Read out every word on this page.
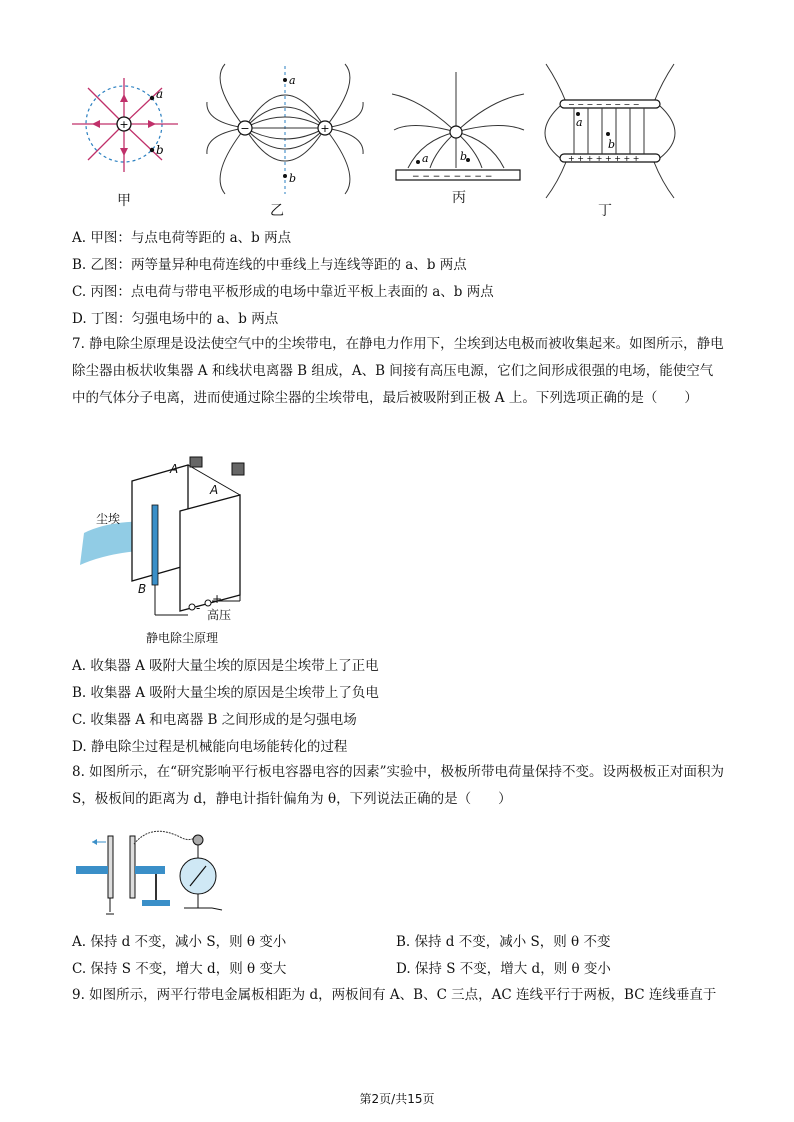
+
a
b
甲
−	+
a
b
乙
− − − − − − − −
a	b
丙
− − − − − − − −
+ + + + + + + +
a
b
丁
A. 甲图：与点电荷等距的 a、b 两点
B. 乙图：两等量异种电荷连线的中垂线上与连线等距的 a、b 两点
C. 丙图：点电荷与带电平板形成的电场中靠近平板上表面的 a、b 两点
D. 丁图：匀强电场中的 a、b 两点
7. 静电除尘原理是设法使空气中的尘埃带电，在静电力作用下，尘埃到达电极而被收集起来。如图所示，静电除尘器由板状收集器 A 和线状电离器 B 组成，A、B 间接有高压电源，它们之间形成很强的电场，能使空气中的气体分子电离，进而使通过除尘器的尘埃带电，最后被吸附到正极 A 上。下列选项正确的是（　　）
尘埃
A
A
B
-
+
高压
静电除尘原理
A. 收集器 A 吸附大量尘埃的原因是尘埃带上了正电
B. 收集器 A 吸附大量尘埃的原因是尘埃带上了负电
C. 收集器 A 和电离器 B 之间形成的是匀强电场
D. 静电除尘过程是机械能向电场能转化的过程
8. 如图所示，在“研究影响平行板电容器电容的因素”实验中，极板所带电荷量保持不变。设两极板正对面积为 S，极板间的距离为 d，静电计指针偏角为 θ，下列说法正确的是（　　）
A. 保持 d 不变，减小 S，则 θ 变小	B. 保持 d 不变，减小 S，则 θ 不变
C. 保持 S 不变，增大 d，则 θ 变大	D. 保持 S 不变，增大 d，则 θ 变小
9. 如图所示，两平行带电金属板相距为 d，两板间有 A、B、C 三点，AC 连线平行于两板，BC 连线垂直于
第2页/共15页
